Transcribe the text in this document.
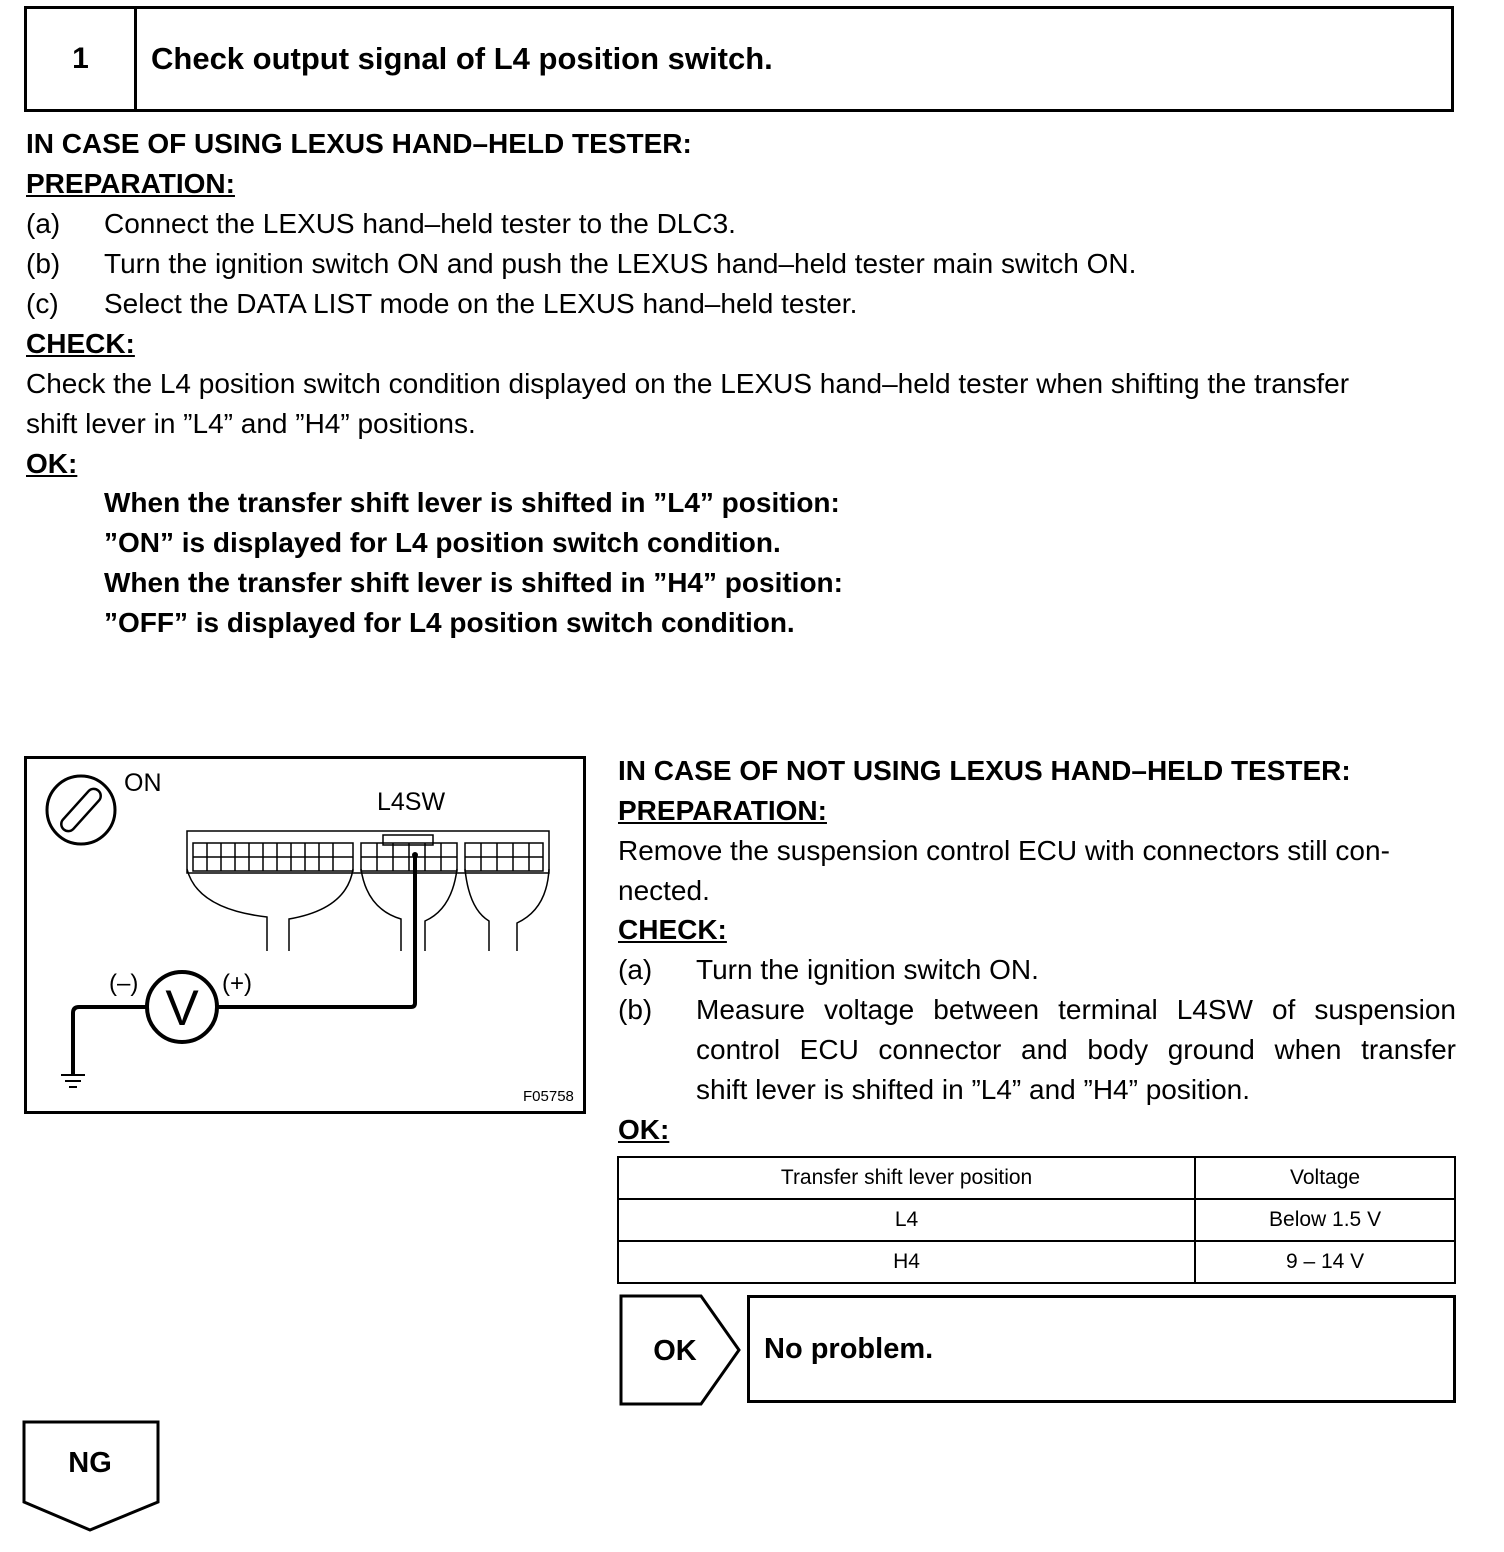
1	Check output signal of L4 position switch.
IN CASE OF USING LEXUS HAND–HELD TESTER:
PREPARATION:
(a)	Connect the LEXUS hand–held tester to the DLC3.
(b)	Turn the ignition switch ON and push the LEXUS hand–held tester main switch ON.
(c)	Select the DATA LIST mode on the LEXUS hand–held tester.
CHECK:
Check the L4 position switch condition displayed on the LEXUS hand–held tester when shifting the transfer
shift lever in ”L4” and ”H4” positions.
OK:
When the transfer shift lever is shifted in ”L4” position:
”ON” is displayed for L4 position switch condition.
When the transfer shift lever is shifted in ”H4” position:
”OFF” is displayed for L4 position switch condition.
ON
L4SW
V
(–)	(+)
F05758
IN CASE OF NOT USING LEXUS HAND–HELD TESTER:
PREPARATION:
Remove the suspension control ECU with connectors still con-
nected.
CHECK:
(a) Turn the ignition switch ON.
(b) Measure voltage between terminal L4SW of suspension
control ECU connector and body ground when transfer
shift lever is shifted in ”L4” and ”H4” position.
OK:
Transfer shift lever position	Voltage
L4	Below 1.5 V
H4	9 – 14 V
OK No problem.
NG
